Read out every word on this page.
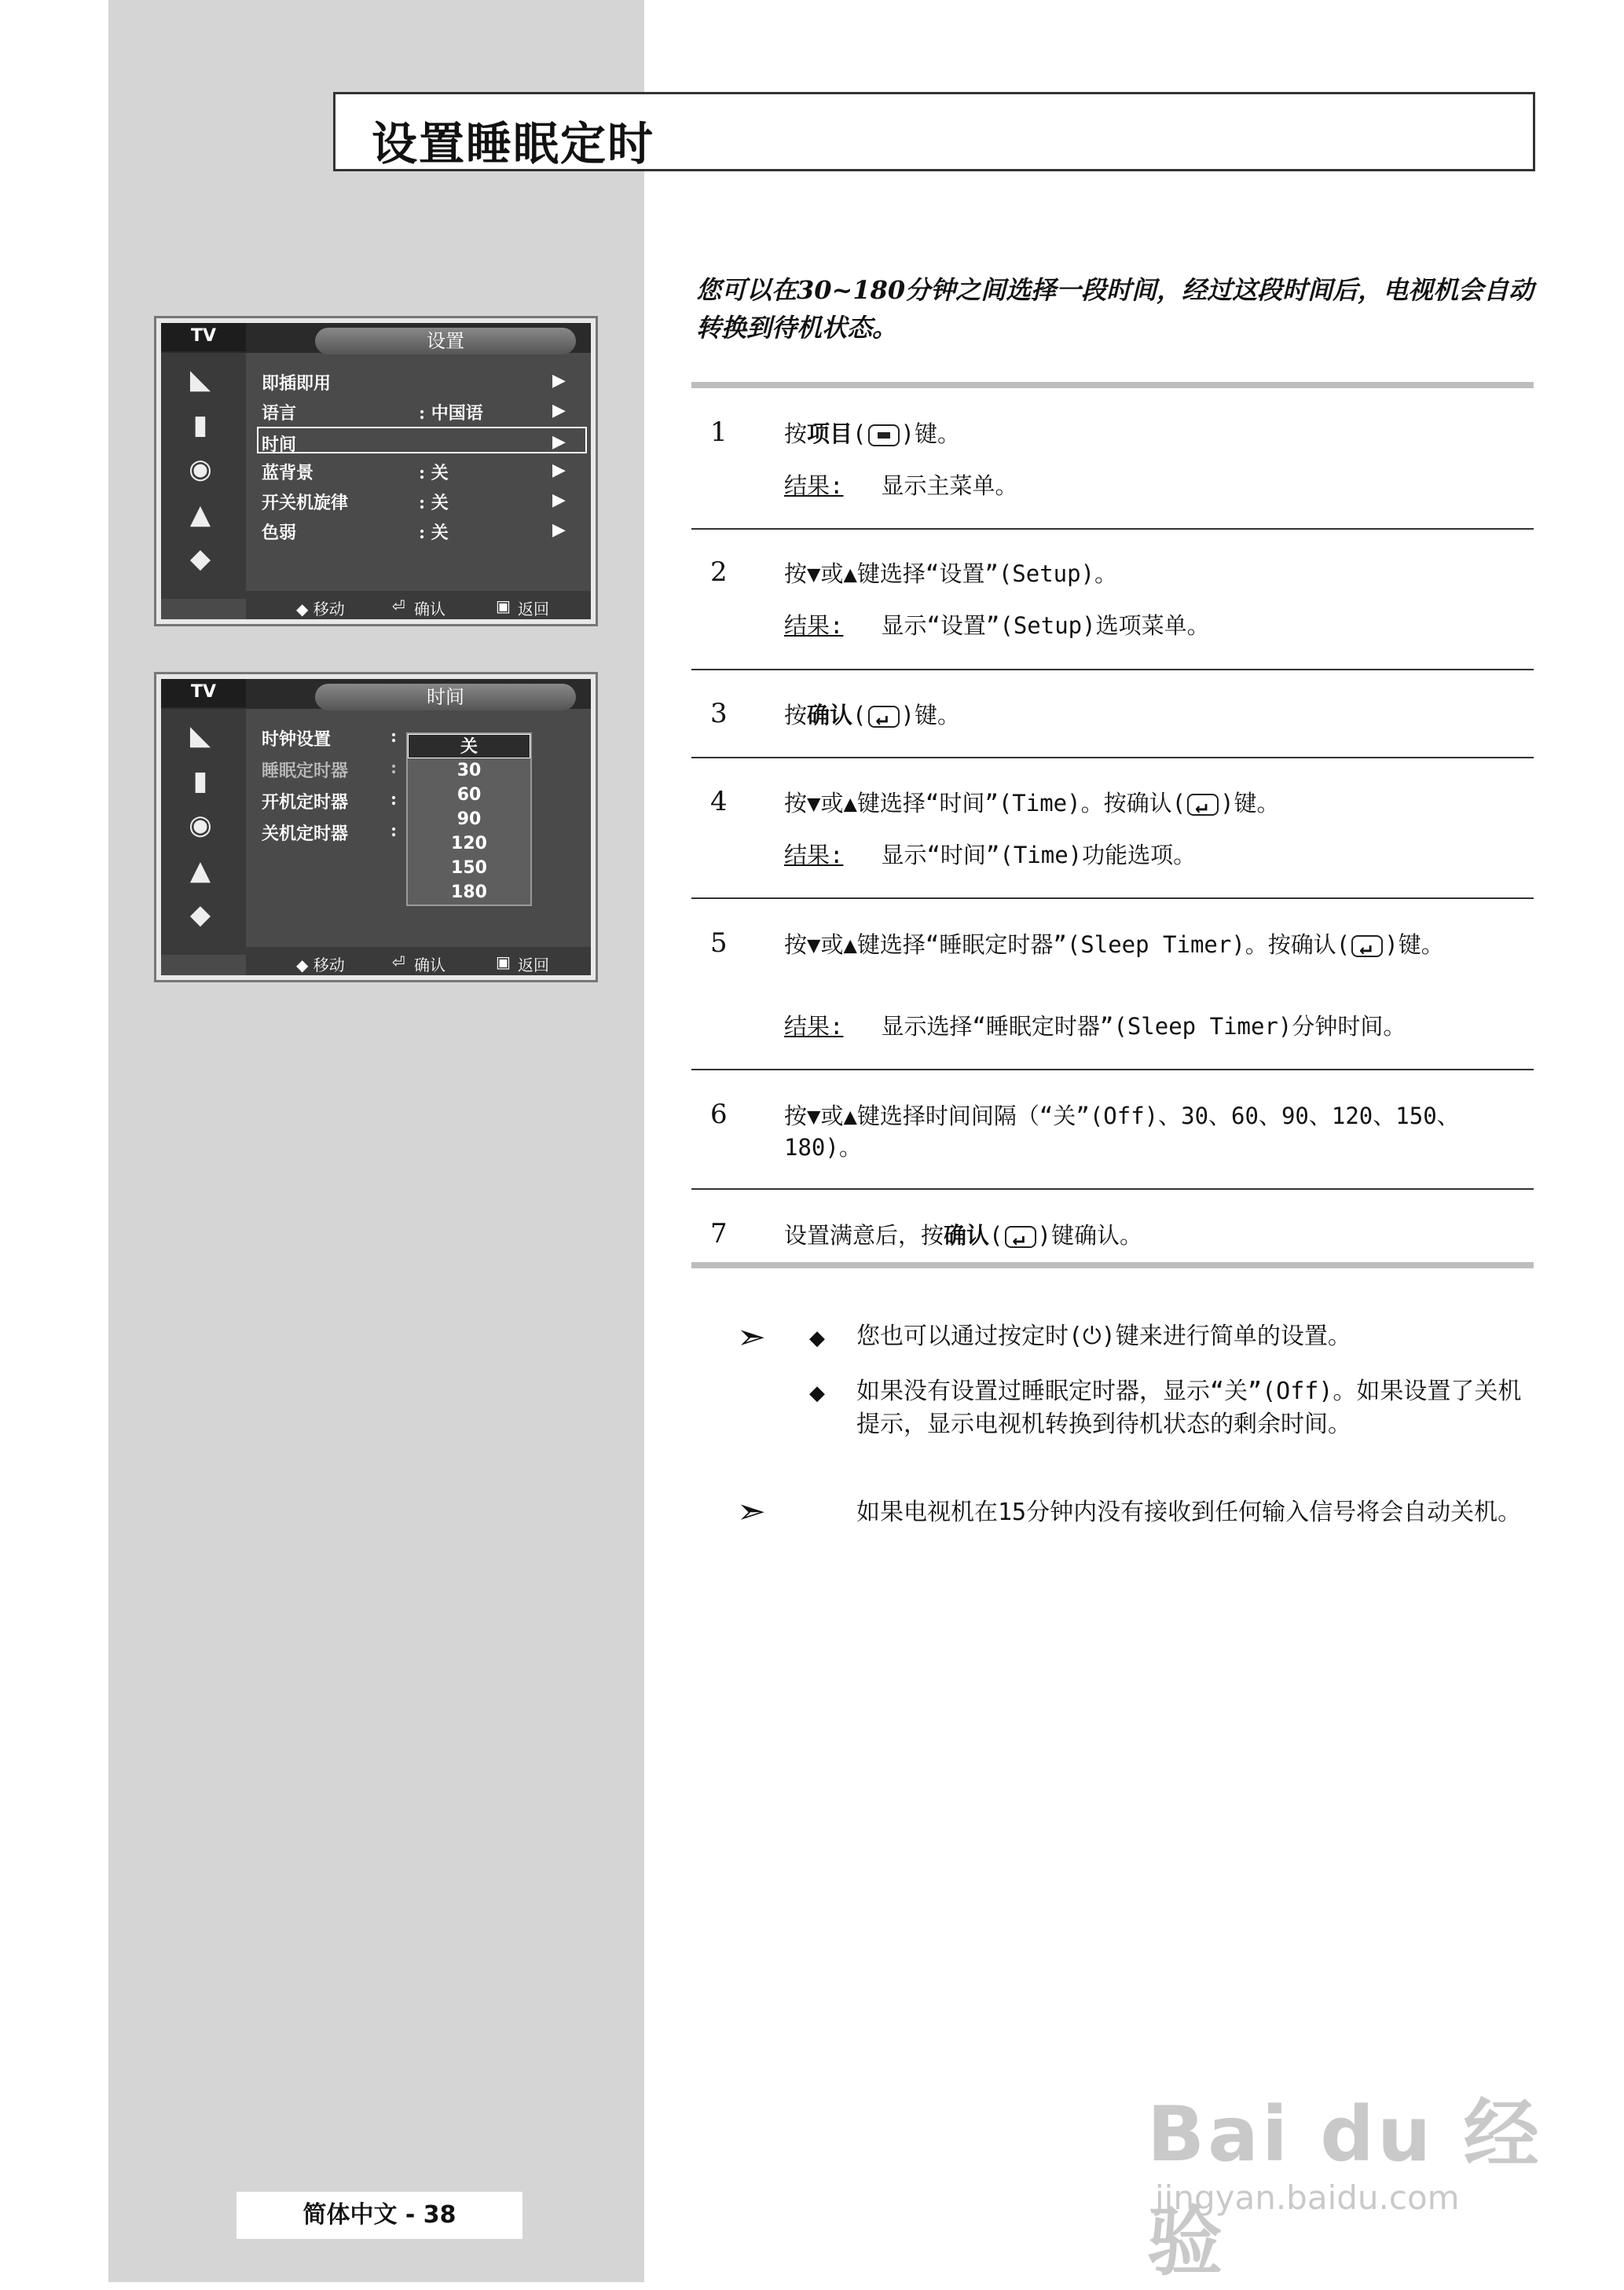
设置睡眠定时
TV	设置
◣
▮
◉
▲
◆
即插即用	▶
语言	: 中国语	▶
时间	▶
蓝背景	: 关	▶
开关机旋律	: 关	▶
色弱	: 关	▶
◆ 移动	⏎ 确认	▣ 返回
TV	时间
◣
▮
◉
▲
◆
时钟设置	:
睡眠定时器 :
开机定时器 :
关机定时器 :
关
30
60
90
120
150
180
◆ 移动	⏎ 确认	▣ 返回
您可以在30~180分钟之间选择一段时间，经过这段时间后，电视机会自动转换到待机状态。
1 按项目( )键。
结果: 显示主菜单。
2 按▼或▲键选择“设置”(Setup)。
结果: 显示“设置”(Setup)选项菜单。
3 按确认( ↵ )键。
4 按▼或▲键选择“时间”(Time)。按确认( ↵ )键。
结果: 显示“时间”(Time)功能选项。
5 按▼或▲键选择“睡眠定时器”(Sleep Timer)。按确认( ↵ )键。
结果: 显示选择“睡眠定时器”(Sleep Timer)分钟时间。
6 按▼或▲键选择时间间隔（“关”(Off)、30、60、90、120、150、180)。
7 设置满意后，按确认( ↵ )键确认。
➣ ◆ 您也可以通过按定时(⏻)键来进行简单的设置。
◆ 如果没有设置过睡眠定时器，显示“关”(Off)。如果设置了关机提示，显示电视机转换到待机状态的剩余时间。
➣	如果电视机在15分钟内没有接收到任何输入信号将会自动关机。
简体中文 - 38
Bai du 经验
jingyan.baidu.com
